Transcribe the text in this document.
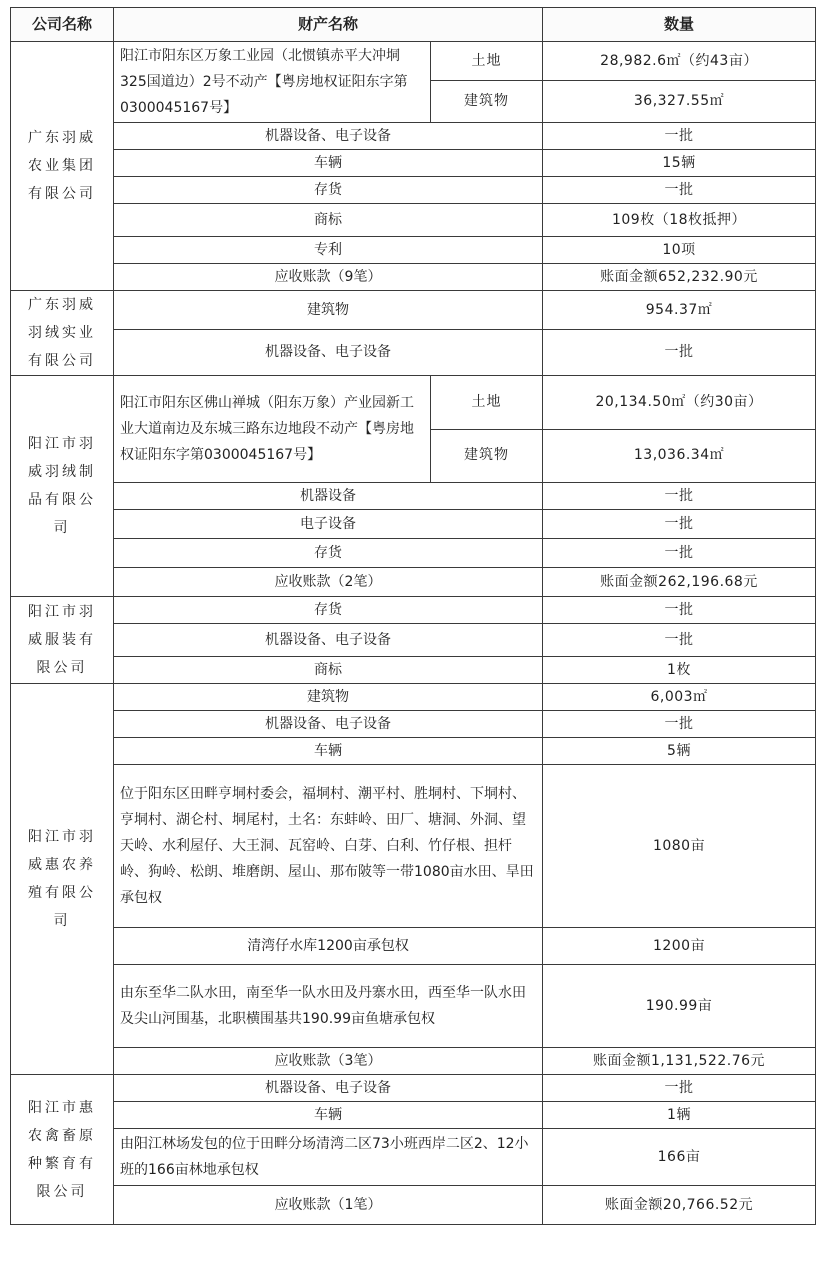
公司名称	财产名称		数量
广东羽威农业集团有限公司	阳江市阳东区万象工业园（北惯镇赤平大冲垌325国道边）2号不动产【粤房地权证阳东字第0300045167号】	土地	28,982.6㎡（约43亩）
		建筑物	36,327.55㎡
	机器设备、电子设备		一批
	车辆		15辆
	存货		一批
	商标		109枚（18枚抵押）
	专利		10项
	应收账款（9笔）		账面金额652,232.90元
广东羽威羽绒实业有限公司	建筑物		954.37㎡
	机器设备、电子设备		一批
阳江市羽威羽绒制品有限公司	阳江市阳东区佛山禅城（阳东万象）产业园新工业大道南边及东城三路东边地段不动产【粤房地权证阳东字第0300045167号】	土地	20,134.50㎡（约30亩）
		建筑物	13,036.34㎡
	机器设备		一批
	电子设备		一批
	存货		一批
	应收账款（2笔）		账面金额262,196.68元
阳江市羽威服装有限公司	存货		一批
	机器设备、电子设备		一批
	商标		1枚
阳江市羽威惠农养殖有限公司	建筑物		6,003㎡
	机器设备、电子设备		一批
	车辆		5辆
	位于阳东区田畔亨垌村委会，福垌村、潮平村、胜垌村、下垌村、亨垌村、湖仑村、垌尾村，土名：东蚌岭、田厂、塘洞、外洞、望天岭、水利屋仔、大王洞、瓦窑岭、白芽、白利、竹仔根、担杆岭、狗岭、松朗、堆磨朗、屋山、那布陂等一带1080亩水田、旱田承包权		1080亩
	清湾仔水库1200亩承包权		1200亩
	由东至华二队水田，南至华一队水田及丹寨水田，西至华一队水田及尖山河围基，北职横围基共190.99亩鱼塘承包权		190.99亩
	应收账款（3笔）		账面金额1,131,522.76元
阳江市惠农禽畜原种繁育有限公司	机器设备、电子设备		一批
	车辆		1辆
	由阳江林场发包的位于田畔分场清湾二区73小班西岸二区2、12小班的166亩林地承包权		166亩
	应收账款（1笔）		账面金额20,766.52元
